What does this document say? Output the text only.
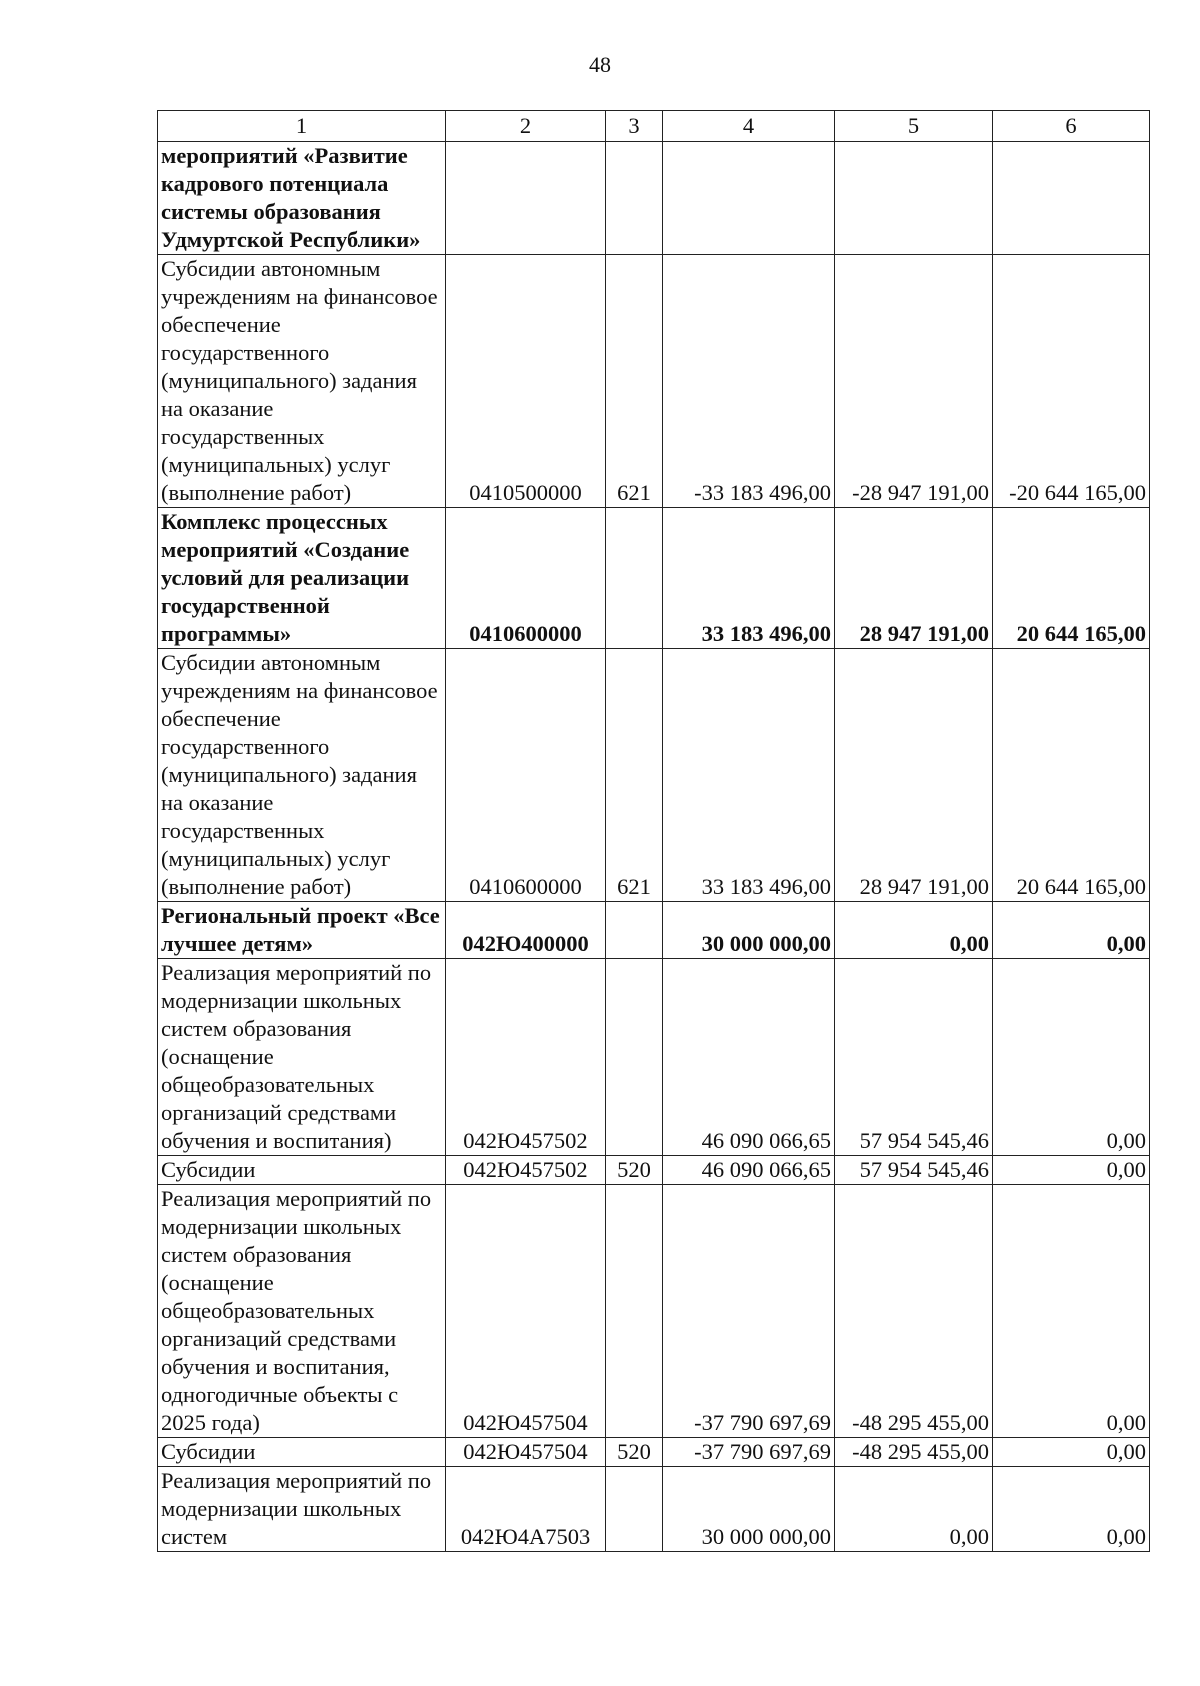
48
1	2	3	4	5	6
мероприятий «Развитие кадрового потенциала системы образования Удмуртской Республики»					
Субсидии автономным учреждениям на финансовое обеспечение государственного (муниципального) задания на оказание государственных (муниципальных) услуг (выполнение работ)	0410500000	621	-33 183 496,00	-28 947 191,00	-20 644 165,00
Комплекс процессных мероприятий «Создание условий для реализации государственной программы»	0410600000		33 183 496,00	28 947 191,00	20 644 165,00
Субсидии автономным учреждениям на финансовое обеспечение государственного (муниципального) задания на оказание государственных (муниципальных) услуг (выполнение работ)	0410600000	621	33 183 496,00	28 947 191,00	20 644 165,00
Региональный проект «Все лучшее детям»	042Ю400000		30 000 000,00	0,00	0,00
Реализация мероприятий по модернизации школьных систем образования (оснащение общеобразовательных организаций средствами обучения и воспитания)	042Ю457502		46 090 066,65	57 954 545,46	0,00
Субсидии	042Ю457502	520	46 090 066,65	57 954 545,46	0,00
Реализация мероприятий по модернизации школьных систем образования (оснащение общеобразовательных организаций средствами обучения и воспитания, одногодичные объекты с 2025 года)	042Ю457504		-37 790 697,69	-48 295 455,00	0,00
Субсидии	042Ю457504	520	-37 790 697,69	-48 295 455,00	0,00
Реализация мероприятий по модернизации школьных систем	042Ю4А7503		30 000 000,00	0,00	0,00
